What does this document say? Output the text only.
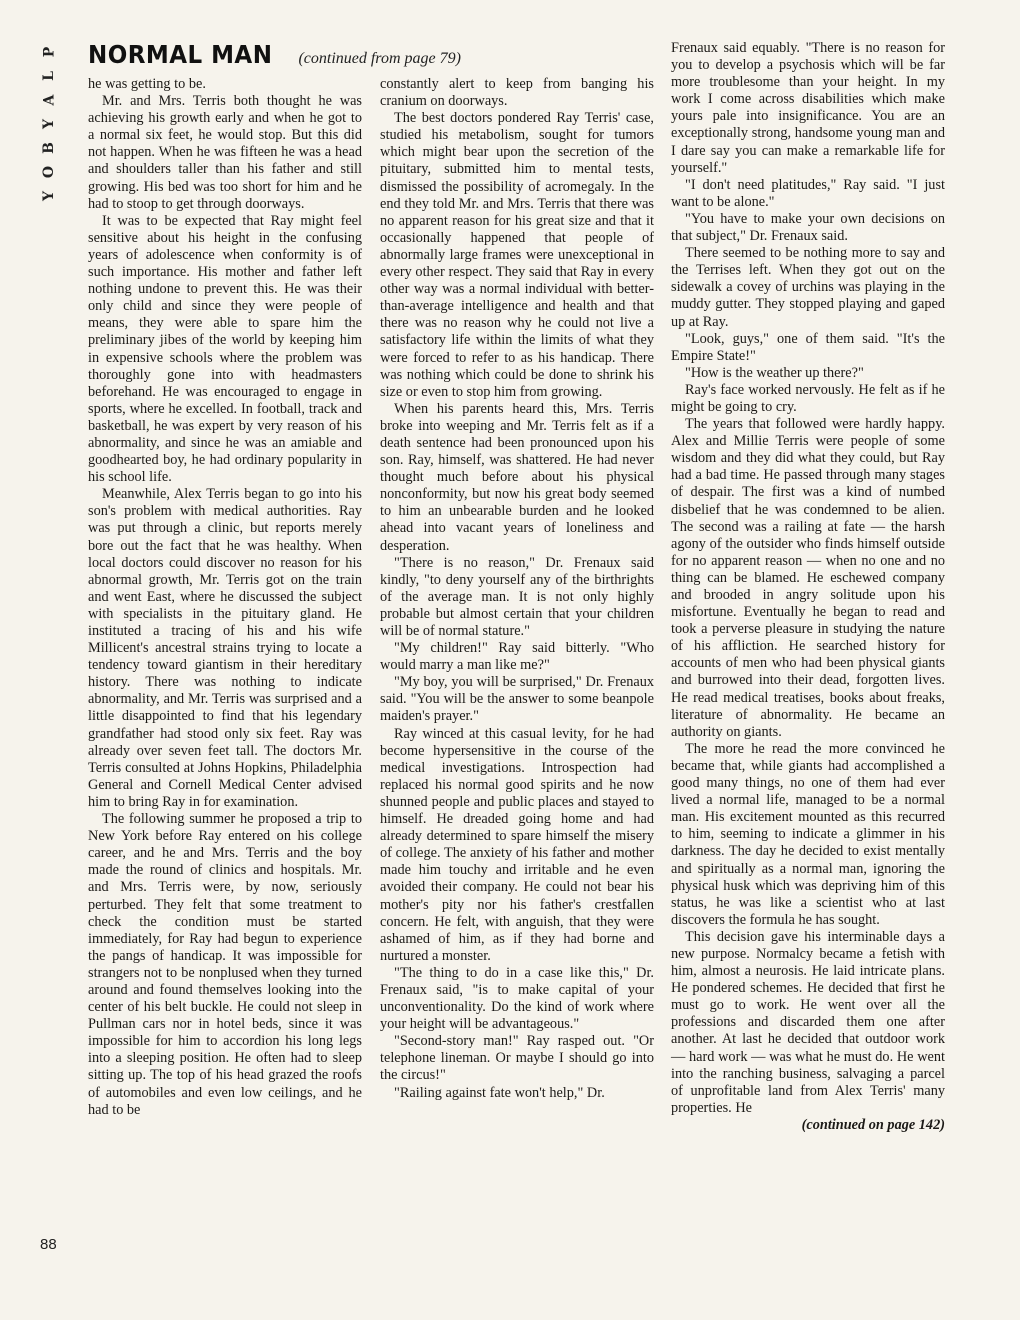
P
L
A
Y
B
O
Y
NORMAL MAN (continued from page 79)

he was getting to be.

Mr. and Mrs. Terris both thought he was achieving his growth early and when he got to a normal six feet, he would stop. But this did not happen. When he was fifteen he was a head and shoulders taller than his father and still growing. His bed was too short for him and he had to stoop to get through doorways.

It was to be expected that Ray might feel sensitive about his height in the confusing years of adolescence when conformity is of such importance. His mother and father left nothing undone to prevent this. He was their only child and since they were people of means, they were able to spare him the preliminary jibes of the world by keeping him in expensive schools where the problem was thoroughly gone into with headmasters beforehand. He was encouraged to engage in sports, where he excelled. In football, track and basketball, he was expert by very reason of his abnormality, and since he was an amiable and goodhearted boy, he had ordinary popularity in his school life.

Meanwhile, Alex Terris began to go into his son's problem with medical authorities. Ray was put through a clinic, but reports merely bore out the fact that he was healthy. When local doctors could discover no reason for his abnormal growth, Mr. Terris got on the train and went East, where he discussed the subject with specialists in the pituitary gland. He instituted a tracing of his and his wife Millicent's ancestral strains trying to locate a tendency toward giantism in their hereditary history. There was nothing to indicate abnormality, and Mr. Terris was surprised and a little disappointed to find that his legendary grandfather had stood only six feet. Ray was already over seven feet tall. The doctors Mr. Terris consulted at Johns Hopkins, Philadelphia General and Cornell Medical Center advised him to bring Ray in for examination.

The following summer he proposed a trip to New York before Ray entered on his college career, and he and Mrs. Terris and the boy made the round of clinics and hospitals. Mr. and Mrs. Terris were, by now, seriously perturbed. They felt that some treatment to check the condition must be started immediately, for Ray had begun to experience the pangs of handicap. It was impossible for strangers not to be nonplused when they turned around and found themselves looking into the center of his belt buckle. He could not sleep in Pullman cars nor in hotel beds, since it was impossible for him to accordion his long legs into a sleeping position. He often had to sleep sitting up. The top of his head grazed the roofs of automobiles and even low ceilings, and he had to be

constantly alert to keep from banging his cranium on doorways.

The best doctors pondered Ray Terris' case, studied his metabolism, sought for tumors which might bear upon the secretion of the pituitary, submitted him to mental tests, dismissed the possibility of acromegaly. In the end they told Mr. and Mrs. Terris that there was no apparent reason for his great size and that it occasionally happened that people of abnormally large frames were unexceptional in every other respect. They said that Ray in every other way was a normal individual with better-than-average intelligence and health and that there was no reason why he could not live a satisfactory life within the limits of what they were forced to refer to as his handicap. There was nothing which could be done to shrink his size or even to stop him from growing.

When his parents heard this, Mrs. Terris broke into weeping and Mr. Terris felt as if a death sentence had been pronounced upon his son. Ray, himself, was shattered. He had never thought much before about his physical nonconformity, but now his great body seemed to him an unbearable burden and he looked ahead into vacant years of loneliness and desperation.

"There is no reason," Dr. Frenaux said kindly, "to deny yourself any of the birthrights of the average man. It is not only highly probable but almost certain that your children will be of normal stature."

"My children!" Ray said bitterly. "Who would marry a man like me?"

"My boy, you will be surprised," Dr. Frenaux said. "You will be the answer to some beanpole maiden's prayer."

Ray winced at this casual levity, for he had become hypersensitive in the course of the medical investigations. Introspection had replaced his normal good spirits and he now shunned people and public places and stayed to himself. He dreaded going home and had already determined to spare himself the misery of college. The anxiety of his father and mother made him touchy and irritable and he even avoided their company. He could not bear his mother's pity nor his father's crestfallen concern. He felt, with anguish, that they were ashamed of him, as if they had borne and nurtured a monster.

"The thing to do in a case like this," Dr. Frenaux said, "is to make capital of your unconventionality. Do the kind of work where your height will be advantageous."

"Second-story man!" Ray rasped out. "Or telephone lineman. Or maybe I should go into the circus!"

"Railing against fate won't help," Dr.

Frenaux said equably. "There is no reason for you to develop a psychosis which will be far more troublesome than your height. In my work I come across disabilities which make yours pale into insignificance. You are an exceptionally strong, handsome young man and I dare say you can make a remarkable life for yourself."

"I don't need platitudes," Ray said. "I just want to be alone."

"You have to make your own decisions on that subject," Dr. Frenaux said.

There seemed to be nothing more to say and the Terrises left. When they got out on the sidewalk a covey of urchins was playing in the muddy gutter. They stopped playing and gaped up at Ray.

"Look, guys," one of them said. "It's the Empire State!"

"How is the weather up there?"

Ray's face worked nervously. He felt as if he might be going to cry.

The years that followed were hardly happy. Alex and Millie Terris were people of some wisdom and they did what they could, but Ray had a bad time. He passed through many stages of despair. The first was a kind of numbed disbelief that he was condemned to be alien. The second was a railing at fate — the harsh agony of the outsider who finds himself outside for no apparent reason — when no one and no thing can be blamed. He eschewed company and brooded in angry solitude upon his misfortune. Eventually he began to read and took a perverse pleasure in studying the nature of his affliction. He searched history for accounts of men who had been physical giants and burrowed into their dead, forgotten lives. He read medical treatises, books about freaks, literature of abnormality. He became an authority on giants.

The more he read the more convinced he became that, while giants had accomplished a good many things, no one of them had ever lived a normal life, managed to be a normal man. His excitement mounted as this recurred to him, seeming to indicate a glimmer in his darkness. The day he decided to exist mentally and spiritually as a normal man, ignoring the physical husk which was depriving him of this status, he was like a scientist who at last discovers the formula he has sought.

This decision gave his interminable days a new purpose. Normalcy became a fetish with him, almost a neurosis. He laid intricate plans. He pondered schemes. He decided that first he must go to work. He went over all the professions and discarded them one after another. At last he decided that outdoor work — hard work — was what he must do. He went into the ranching business, salvaging a parcel of unprofitable land from Alex Terris' many properties. He

(continued on page 142)
88
